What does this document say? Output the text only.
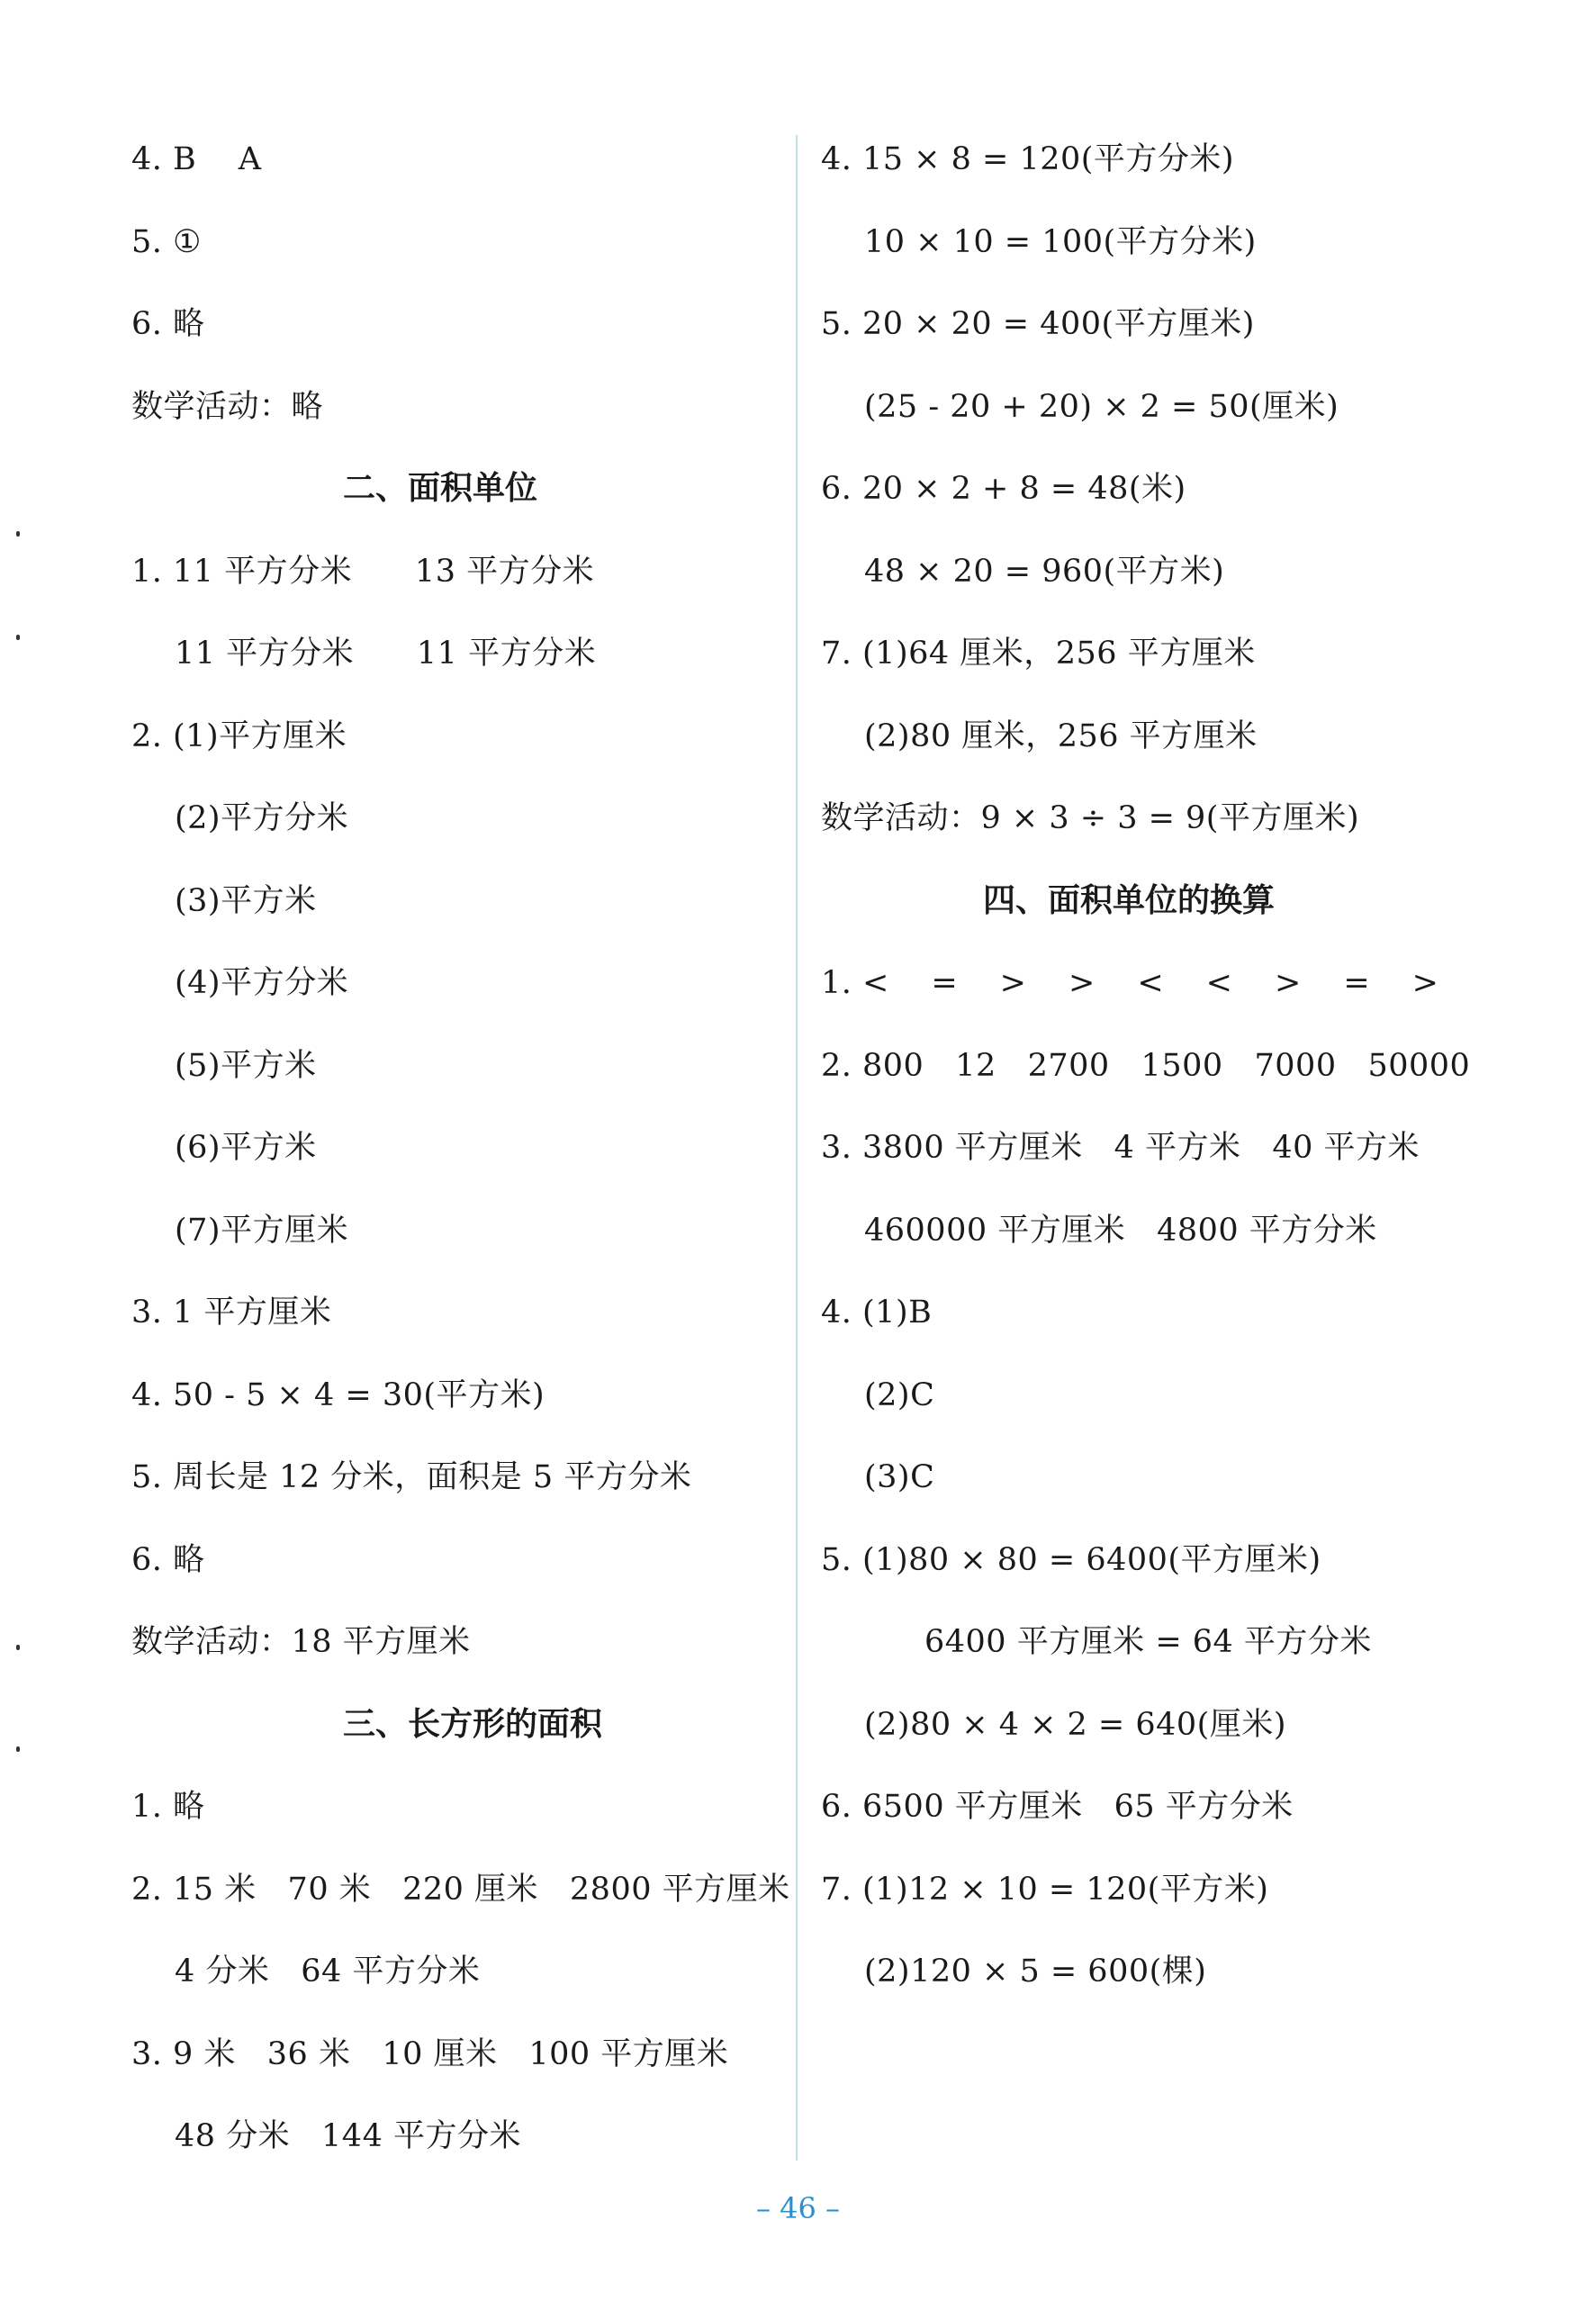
4. B    A
5. ①
6. 略
数学活动：略
二、面积单位
1. 11 平方分米      13 平方分米
11 平方分米      11 平方分米
2. (1)平方厘米
(2)平方分米
(3)平方米
(4)平方分米
(5)平方米
(6)平方米
(7)平方厘米
3. 1 平方厘米
4. 50 - 5 × 4 = 30(平方米)
5. 周长是 12 分米，面积是 5 平方分米
6. 略
数学活动：18 平方厘米
三、长方形的面积
1. 略
2. 15 米   70 米   220 厘米   2800 平方厘米
4 分米   64 平方分米
3. 9 米   36 米   10 厘米   100 平方厘米
48 分米   144 平方分米
4. 15 × 8 = 120(平方分米)
10 × 10 = 100(平方分米)
5. 20 × 20 = 400(平方厘米)
(25 - 20 + 20) × 2 = 50(厘米)
6. 20 × 2 + 8 = 48(米)
48 × 20 = 960(平方米)
7. (1)64 厘米，256 平方厘米
(2)80 厘米，256 平方厘米
数学活动：9 × 3 ÷ 3 = 9(平方厘米)
四、面积单位的换算
1. <    =    >    >    <    <    >    =    >
2. 800   12   2700   1500   7000   50000
3. 3800 平方厘米   4 平方米   40 平方米
460000 平方厘米   4800 平方分米
4. (1)B
(2)C
(3)C
5. (1)80 × 80 = 6400(平方厘米)
6400 平方厘米 = 64 平方分米
(2)80 × 4 × 2 = 640(厘米)
6. 6500 平方厘米   65 平方分米
7. (1)12 × 10 = 120(平方米)
(2)120 × 5 = 600(棵)
– 46 –
